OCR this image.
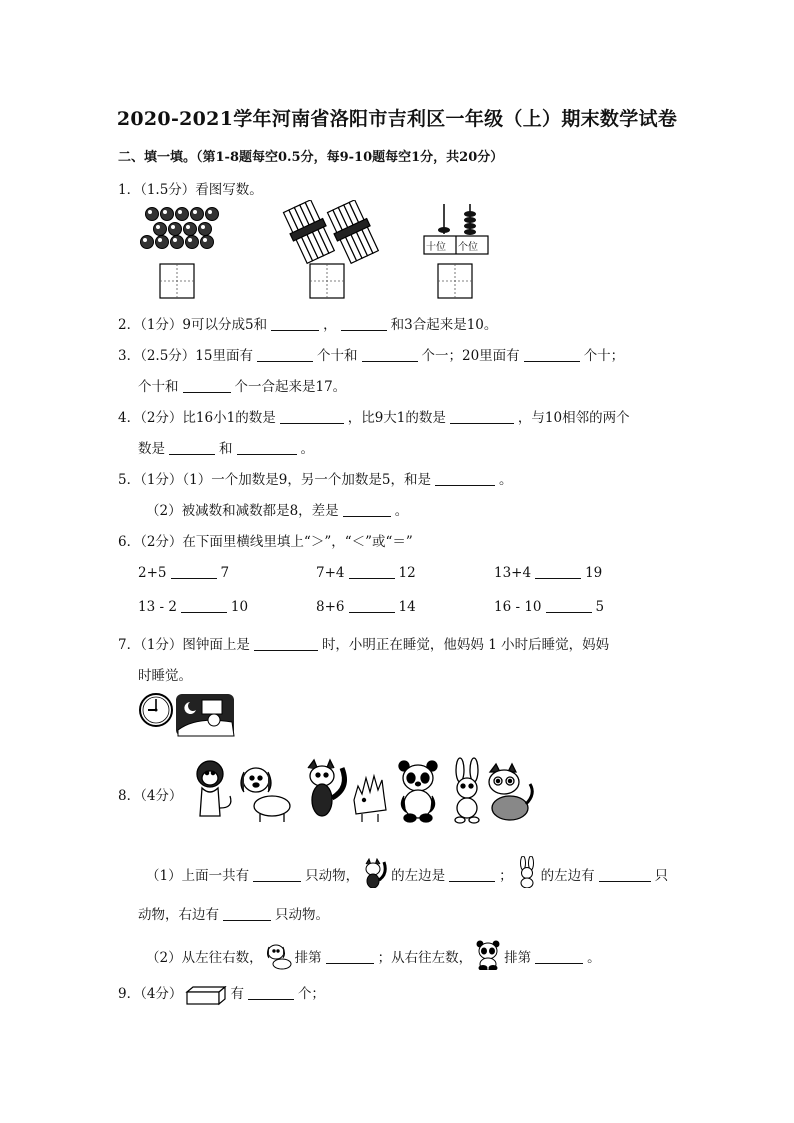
2020-2021学年河南省洛阳市吉利区一年级（上）期末数学试卷
二、填一填。（第1-8题每空0.5分，每9-10题每空1分，共20分）
1．（1.5分）看图写数。
十位 个位
2．（1分）9可以分成5和	，	和3合起来是10。
3．（2.5分）15里面有	个十和	个一；20里面有	个十；
个十和	个一合起来是17。
4．（2分）比16小1的数是	，比9大1的数是	，与10相邻的两个
数是	和	。
5．（1分）（1）一个加数是9，另一个加数是5，和是	。
（2）被减数和减数都是8，差是	。
6．（2分）在下面里横线里填上“＞”，“＜”或“＝”
2+5	7	7+4	12	13+4	19
13 - 2	10	8+6	14	16 - 10	5
7．（1分）图钟面上是	时，小明正在睡觉，他妈妈 1 小时后睡觉，妈妈
时睡觉。
8．（4分）
（1）上面一共有	只动物， 的左边是	； 的左边有	只
动物，右边有	只动物。
（2）从左往右数， 排第	；从右往左数， 排第	。
9．（4分）	有	个；
